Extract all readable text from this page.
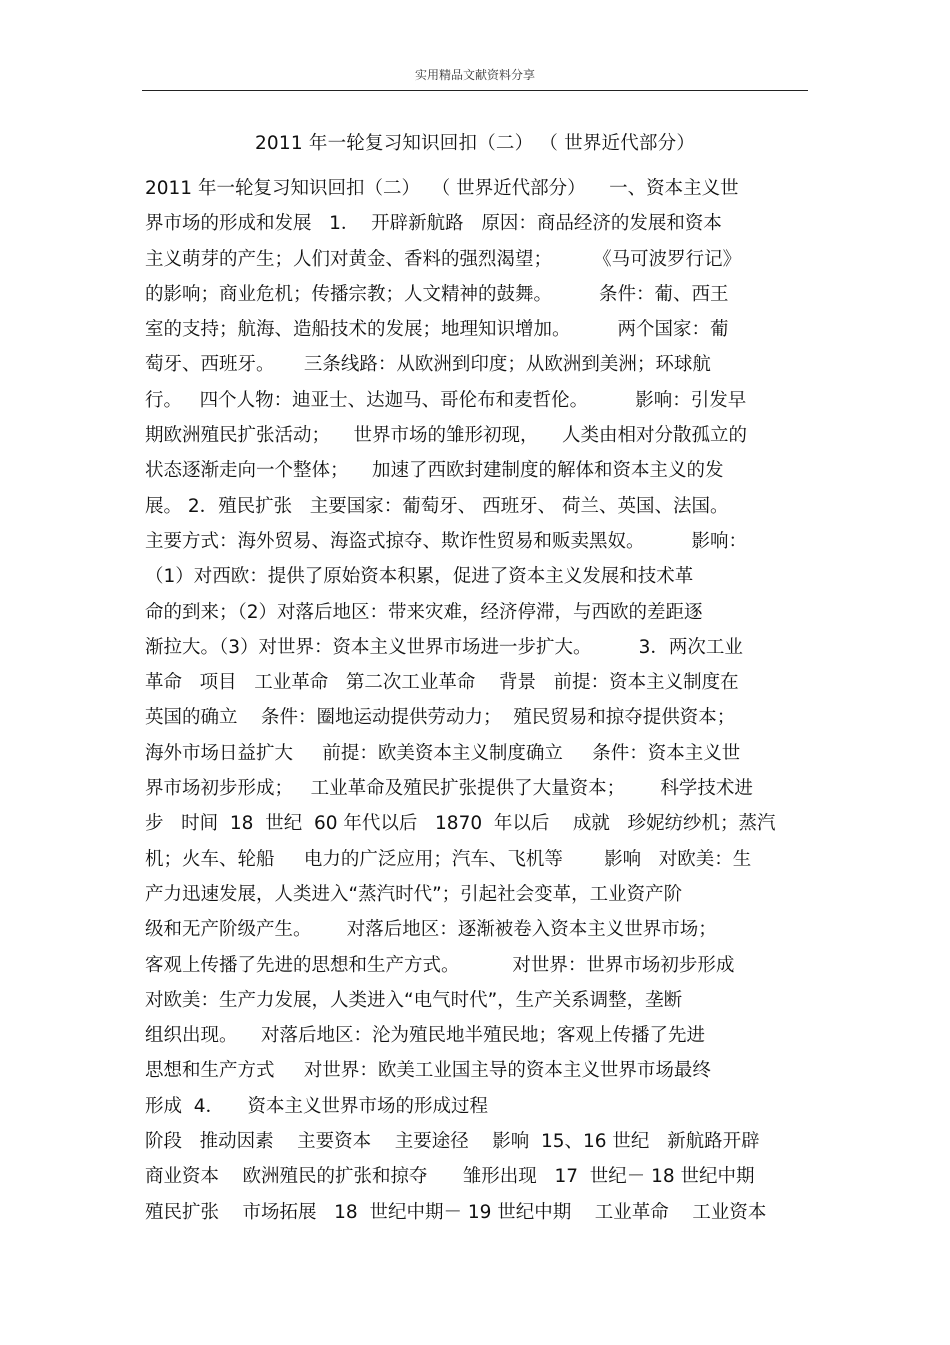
实用精品文献资料分享
2011 年一轮复习知识回扣（二） （ 世界近代部分）
2011 年一轮复习知识回扣（二）  （ 世界近代部分）    一、资本主义世
界市场的形成和发展   1．  开辟新航路   原因：商品经济的发展和资本
主义萌芽的产生；人们对黄金、香料的强烈渴望；       《马可波罗行记》
的影响；商业危机；传播宗教；人文精神的鼓舞。        条件：葡、西王
室的支持；航海、造船技术的发展；地理知识增加。        两个国家：葡
萄牙、西班牙。     三条线路：从欧洲到印度；从欧洲到美洲；环球航
行。   四个人物：迪亚士、达迦马、哥伦布和麦哲伦。        影响：引发早
期欧洲殖民扩张活动；    世界市场的雏形初现，    人类由相对分散孤立的
状态逐渐走向一个整体；    加速了西欧封建制度的解体和资本主义的发
展。 2．殖民扩张   主要国家：葡萄牙、 西班牙、 荷兰、英国、法国。
主要方式：海外贸易、海盗式掠夺、欺诈性贸易和贩卖黑奴。        影响：
（1）对西欧：提供了原始资本积累，促进了资本主义发展和技术革
命的到来；（2）对落后地区：带来灾难，经济停滞，与西欧的差距逐
渐拉大。（3）对世界：资本主义世界市场进一步扩大。        3．两次工业
革命   项目   工业革命   第二次工业革命    背景   前提：资本主义制度在
英国的确立    条件：圈地运动提供劳动力；  殖民贸易和掠夺提供资本；
海外市场日益扩大     前提：欧美资本主义制度确立     条件：资本主义世
界市场初步形成；   工业革命及殖民扩张提供了大量资本；      科学技术进
步   时间  18  世纪  60 年代以后   1870  年以后    成就   珍妮纺纱机；蒸汽
机；火车、轮船     电力的广泛应用；汽车、飞机等       影响   对欧美：生
产力迅速发展，人类进入“蒸汽时代”；引起社会变革，工业资产阶
级和无产阶级产生。      对落后地区：逐渐被卷入资本主义世界市场；
客观上传播了先进的思想和生产方式。         对世界：世界市场初步形成
对欧美：生产力发展，人类进入“电气时代”，生产关系调整，垄断
组织出现。    对落后地区：沦为殖民地半殖民地；客观上传播了先进
思想和生产方式     对世界：欧美工业国主导的资本主义世界市场最终
形成  4．    资本主义世界市场的形成过程
阶段   推动因素    主要资本    主要途径    影响  15、16 世纪   新航路开辟
商业资本    欧洲殖民的扩张和掠夺      雏形出现   17  世纪－ 18 世纪中期
殖民扩张    市场拓展   18  世纪中期－ 19 世纪中期    工业革命    工业资本
